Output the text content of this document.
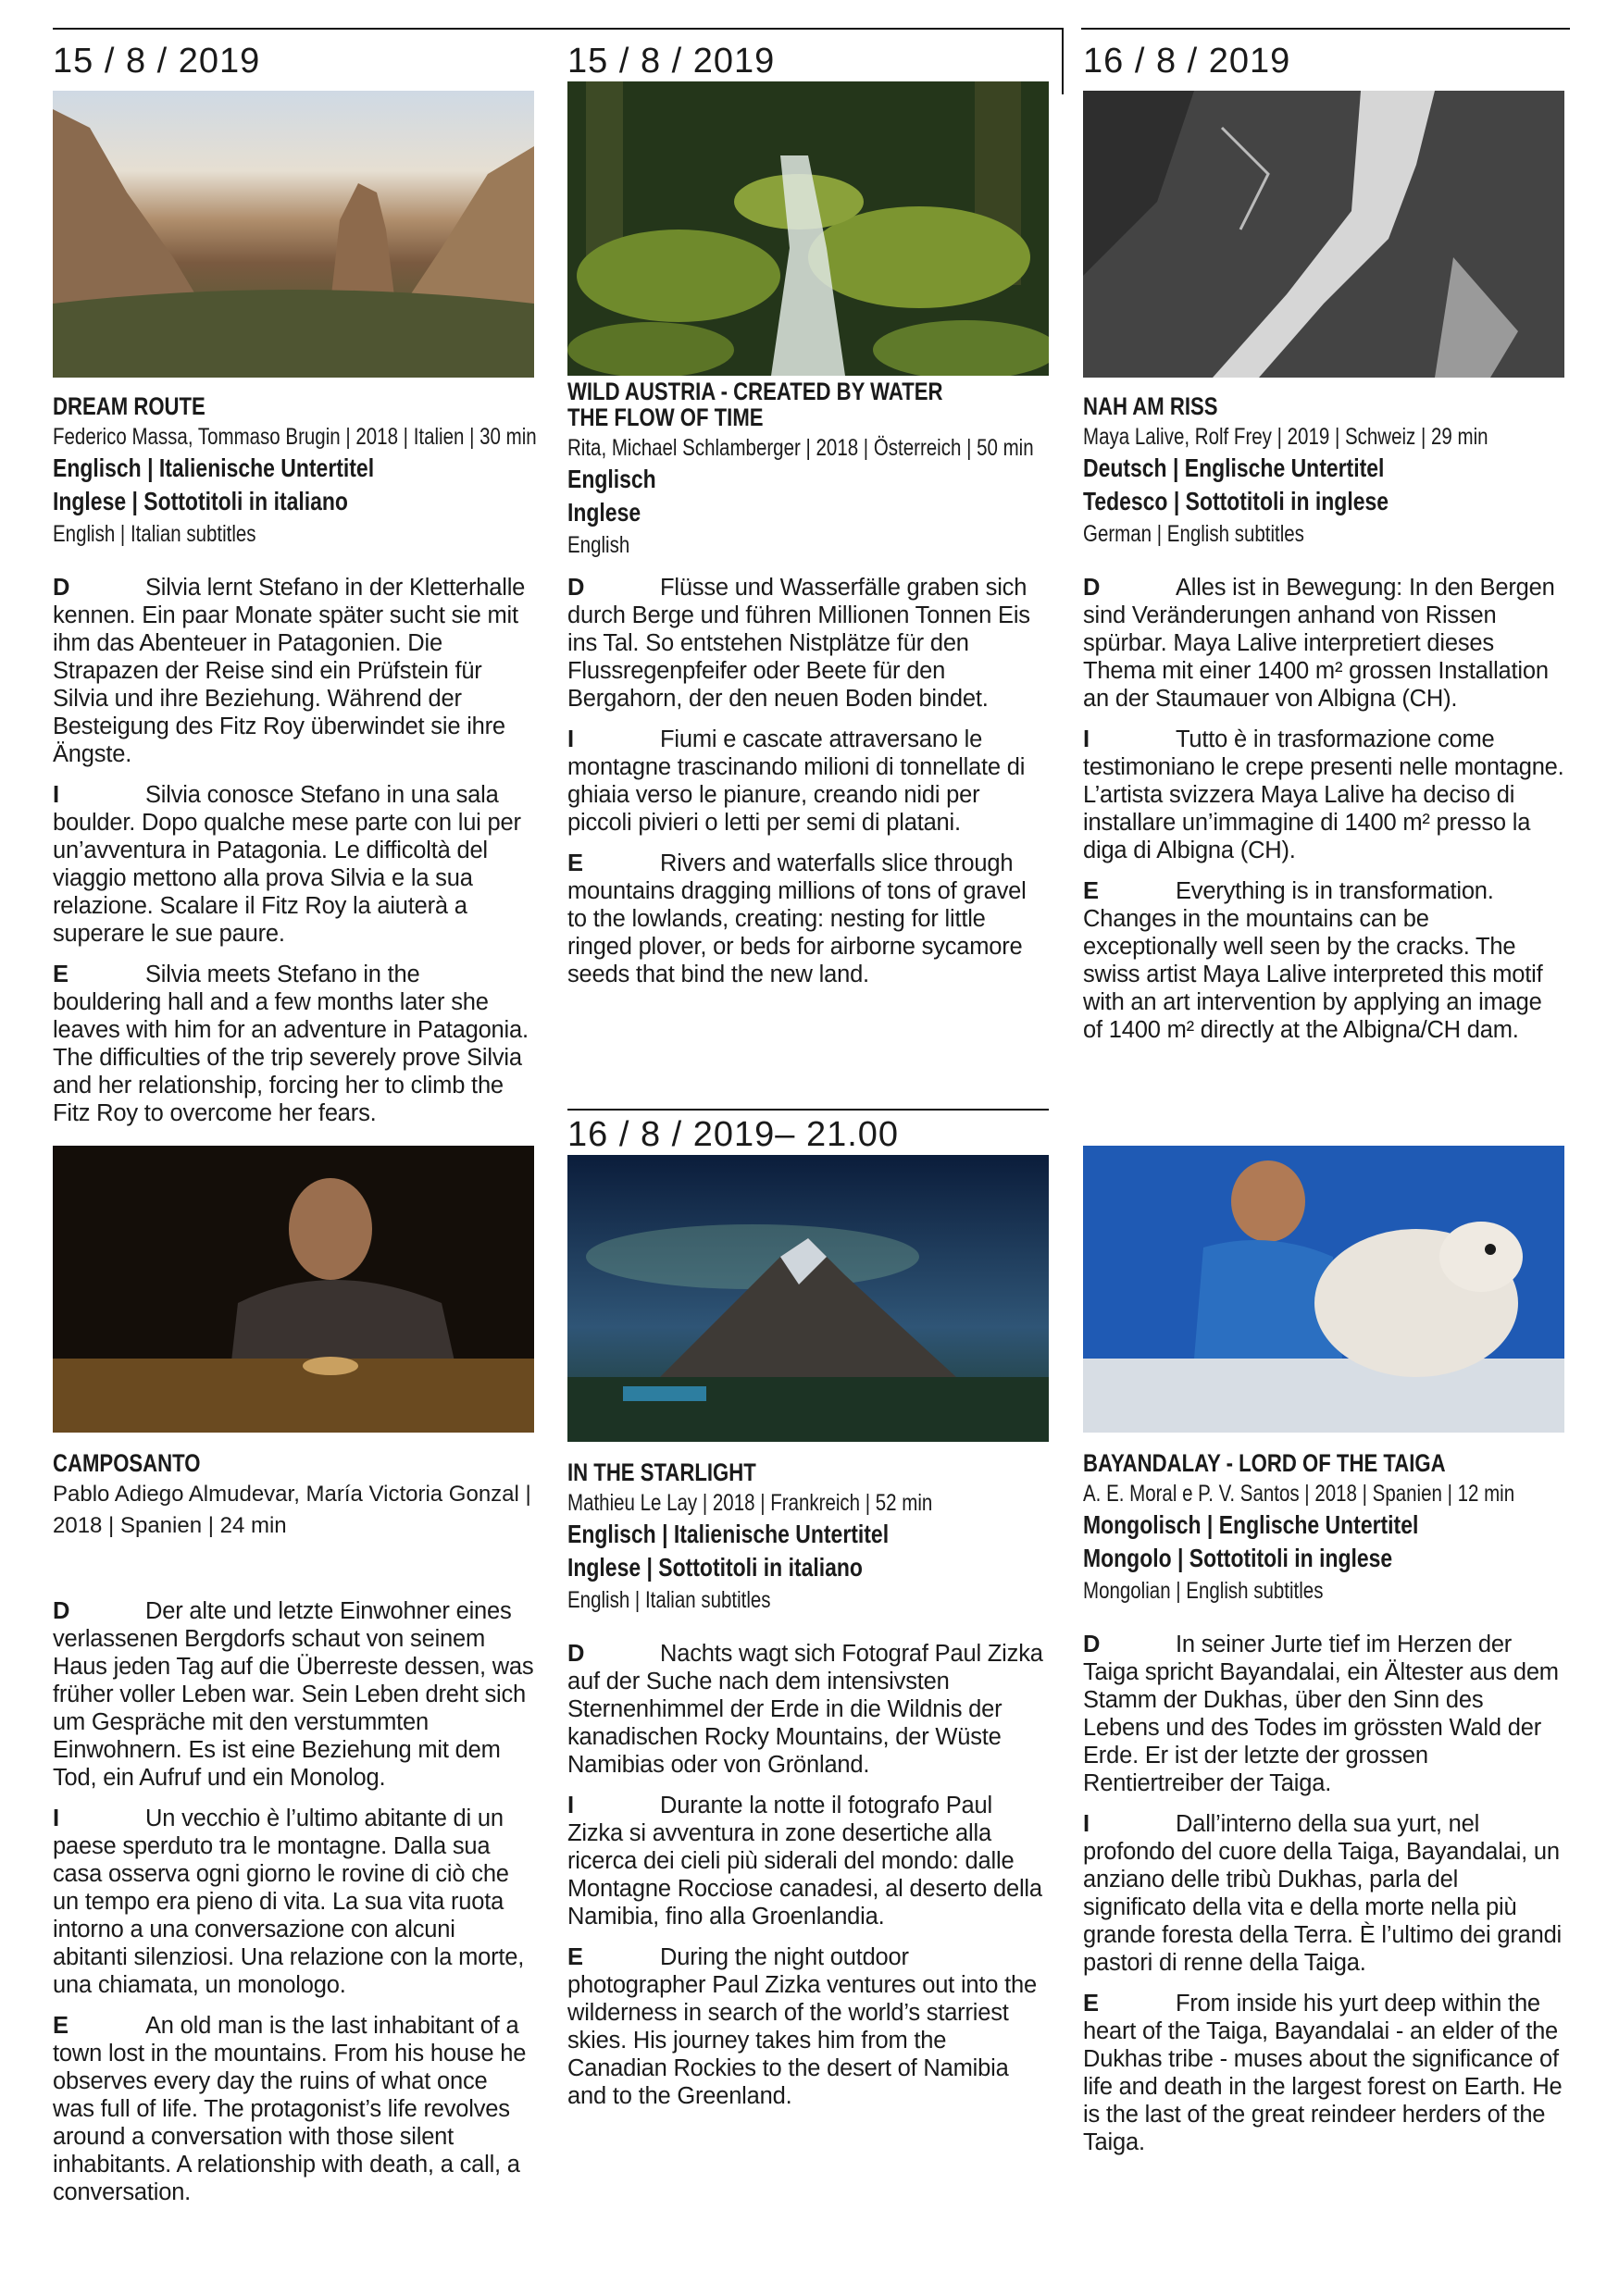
15 / 8 / 2019
DREAM ROUTE
Federico Massa, Tommaso Brugin | 2018 | Italien | 30 min
Englisch | Italienische Untertitel
Inglese | Sottotitoli in italiano
English | Italian subtitles
D	Silvia lernt Stefano in der Kletterhalle kennen. Ein paar Monate später sucht sie mit ihm das Abenteuer in Patagonien. Die Strapazen der Reise sind ein Prüfstein für Silvia und ihre Beziehung. Während der Besteigung des Fitz Roy überwindet sie ihre Ängste.
I	Silvia conosce Stefano in una sala boulder. Dopo qualche mese parte con lui per un’avventura in Patagonia. Le difficoltà del viaggio mettono alla prova Silvia e la sua relazione. Scalare il Fitz Roy la aiuterà a superare le sue paure.
E	Silvia meets Stefano in the bouldering hall and a few months later she leaves with him for an adventure in Patagonia. The difficulties of the trip severely prove Silvia and her relationship, forcing her to climb the Fitz Roy to overcome her fears.
15 / 8 / 2019
WILD AUSTRIA - CREATED BY WATER
THE FLOW OF TIME
Rita, Michael Schlamberger | 2018 | Österreich | 50 min
Englisch
Inglese
English
D	Flüsse und Wasserfälle graben sich durch Berge und führen Millionen Tonnen Eis ins Tal. So entstehen Nistplätze für den Flussregenpfeifer oder Beete für den Bergahorn, der den neuen Boden bindet.
I	Fiumi e cascate attraversano le montagne trascinando milioni di tonnellate di ghiaia verso le pianure, creando nidi per piccoli pivieri o letti per semi di platani.
E	Rivers and waterfalls slice through mountains dragging millions of tons of gravel to the lowlands, creating: nesting for little ringed plover, or beds for airborne sycamore seeds that bind the new land.
16 / 8 / 2019
NAH AM RISS
Maya Lalive, Rolf Frey | 2019 | Schweiz | 29 min
Deutsch | Englische Untertitel
Tedesco | Sottotitoli in inglese
German | English subtitles
D	Alles ist in Bewegung: In den Bergen sind Veränderungen anhand von Rissen spürbar. Maya Lalive interpretiert dieses Thema mit einer 1400 m² grossen Installation an der Staumauer von Albigna (CH).
I	Tutto è in trasformazione come testimoniano le crepe presenti nelle montagne. L’artista svizzera Maya Lalive ha deciso di installare un’immagine di 1400 m² presso la diga di Albigna (CH).
E	Everything is in transformation. Changes in the mountains can be exceptionally well seen by the cracks. The swiss artist Maya Lalive interpreted this motif with an art intervention by applying an image of 1400 m² directly at the Albigna/CH dam.
CAMPOSANTO
Pablo Adiego Almudevar, María Victoria Gonzal | 2018 | Spanien | 24 min
D	Der alte und letzte Einwohner eines verlassenen Bergdorfs schaut von seinem Haus jeden Tag auf die Überreste dessen, was früher voller Leben war. Sein Leben dreht sich um Gespräche mit den verstummten Einwohnern. Es ist eine Beziehung mit dem Tod, ein Aufruf und ein Monolog.
I	Un vecchio è l’ultimo abitante di un paese sperduto tra le montagne. Dalla sua casa osserva ogni giorno le rovine di ciò che un tempo era pieno di vita. La sua vita ruota intorno a una conversazione con alcuni abitanti silenziosi. Una relazione con la morte, una chiamata, un monologo.
E	An old man is the last inhabitant of a town lost in the mountains. From his house he observes every day the ruins of what once was full of life. The protagonist’s life revolves around a conversation with those silent inhabitants. A relationship with death, a call, a conversation.
16 / 8 / 2019– 21.00
IN THE STARLIGHT
Mathieu Le Lay | 2018 | Frankreich | 52 min
Englisch | Italienische Untertitel
Inglese | Sottotitoli in italiano
English | Italian subtitles
D	Nachts wagt sich Fotograf Paul Zizka auf der Suche nach dem intensivsten Sternenhimmel der Erde in die Wildnis der kanadischen Rocky Mountains, der Wüste Namibias oder von Grönland.
I	Durante la notte il fotografo Paul Zizka si avventura in zone desertiche alla ricerca dei cieli più siderali del mondo: dalle Montagne Rocciose canadesi, al deserto della Namibia, fino alla Groenlandia.
E	During the night outdoor photographer Paul Zizka ventures out into the wilderness in search of the world’s starriest skies. His journey takes him from the Canadian Rockies to the desert of Namibia and to the Greenland.
BAYANDALAY - LORD OF THE TAIGA
A. E. Moral e P. V. Santos | 2018 | Spanien | 12 min
Mongolisch | Englische Untertitel
Mongolo | Sottotitoli in inglese
Mongolian | English subtitles
D	In seiner Jurte tief im Herzen der Taiga spricht Bayandalai, ein Ältester aus dem Stamm der Dukhas, über den Sinn des Lebens und des Todes im grössten Wald der Erde. Er ist der letzte der grossen Rentiertreiber der Taiga.
I	Dall’interno della sua yurt, nel profondo del cuore della Taiga, Bayandalai, un anziano delle tribù Dukhas, parla del significato della vita e della morte nella più grande foresta della Terra. È l’ultimo dei grandi pastori di renne della Taiga.
E	From inside his yurt deep within the heart of the Taiga, Bayandalai - an elder of the Dukhas tribe - muses about the significance of life and death in the largest forest on Earth. He is the last of the great reindeer herders of the Taiga.
